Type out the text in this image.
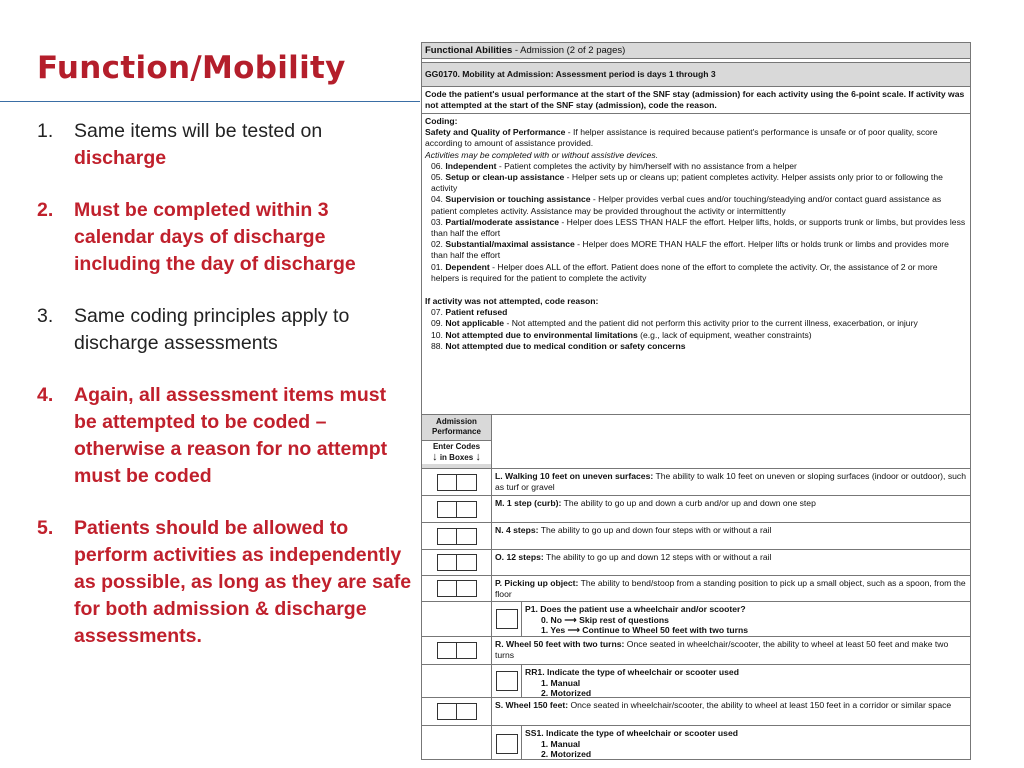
Function/Mobility
1.	Same items will be tested on
discharge
2.	Must be completed within 3 calendar days of discharge including the day of discharge
3.	Same coding principles apply to discharge assessments
4.	Again, all assessment items must be attempted to be coded – otherwise a reason for no attempt must be coded
5.	Patients should be allowed to perform activities as independently as possible, as long as they are safe for both admission & discharge assessments.
Functional Abilities - Admission (2 of 2 pages)
GG0170. Mobility at Admission: Assessment period is days 1 through 3
Code the patient's usual performance at the start of the SNF stay (admission) for each activity using the 6-point scale. If activity was not attempted at the start of the SNF stay (admission), code the reason.
Coding:
Safety and Quality of Performance - If helper assistance is required because patient's performance is unsafe or of poor quality, score according to amount of assistance provided.
Activities may be completed with or without assistive devices.
06. Independent - Patient completes the activity by him/herself with no assistance from a helper
05. Setup or clean-up assistance - Helper sets up or cleans up; patient completes activity. Helper assists only prior to or following the activity
04. Supervision or touching assistance - Helper provides verbal cues and/or touching/steadying and/or contact guard assistance as patient completes activity. Assistance may be provided throughout the activity or intermittently
03. Partial/moderate assistance - Helper does LESS THAN HALF the effort. Helper lifts, holds, or supports trunk or limbs, but provides less than half the effort
02. Substantial/maximal assistance - Helper does MORE THAN HALF the effort. Helper lifts or holds trunk or limbs and provides more than half the effort
01. Dependent - Helper does ALL of the effort. Patient does none of the effort to complete the activity. Or, the assistance of 2 or more helpers is required for the patient to complete the activity
If activity was not attempted, code reason:
07. Patient refused
09. Not applicable - Not attempted and the patient did not perform this activity prior to the current illness, exacerbation, or injury
10. Not attempted due to environmental limitations (e.g., lack of equipment, weather constraints)
88. Not attempted due to medical condition or safety concerns
Admission Performance
Enter Codes
↓ in Boxes ↓
L. Walking 10 feet on uneven surfaces: The ability to walk 10 feet on uneven or sloping surfaces (indoor or outdoor), such as turf or gravel
M. 1 step (curb): The ability to go up and down a curb and/or up and down one step
N. 4 steps: The ability to go up and down four steps with or without a rail
O. 12 steps: The ability to go up and down 12 steps with or without a rail
P. Picking up object: The ability to bend/stoop from a standing position to pick up a small object, such as a spoon, from the floor
P1. Does the patient use a wheelchair and/or scooter?
0. No ⟶ Skip rest of questions
1. Yes ⟶ Continue to Wheel 50 feet with two turns
R. Wheel 50 feet with two turns: Once seated in wheelchair/scooter, the ability to wheel at least 50 feet and make two turns
RR1. Indicate the type of wheelchair or scooter used
1. Manual
2. Motorized
S. Wheel 150 feet: Once seated in wheelchair/scooter, the ability to wheel at least 150 feet in a corridor or similar space
SS1. Indicate the type of wheelchair or scooter used
1. Manual
2. Motorized
